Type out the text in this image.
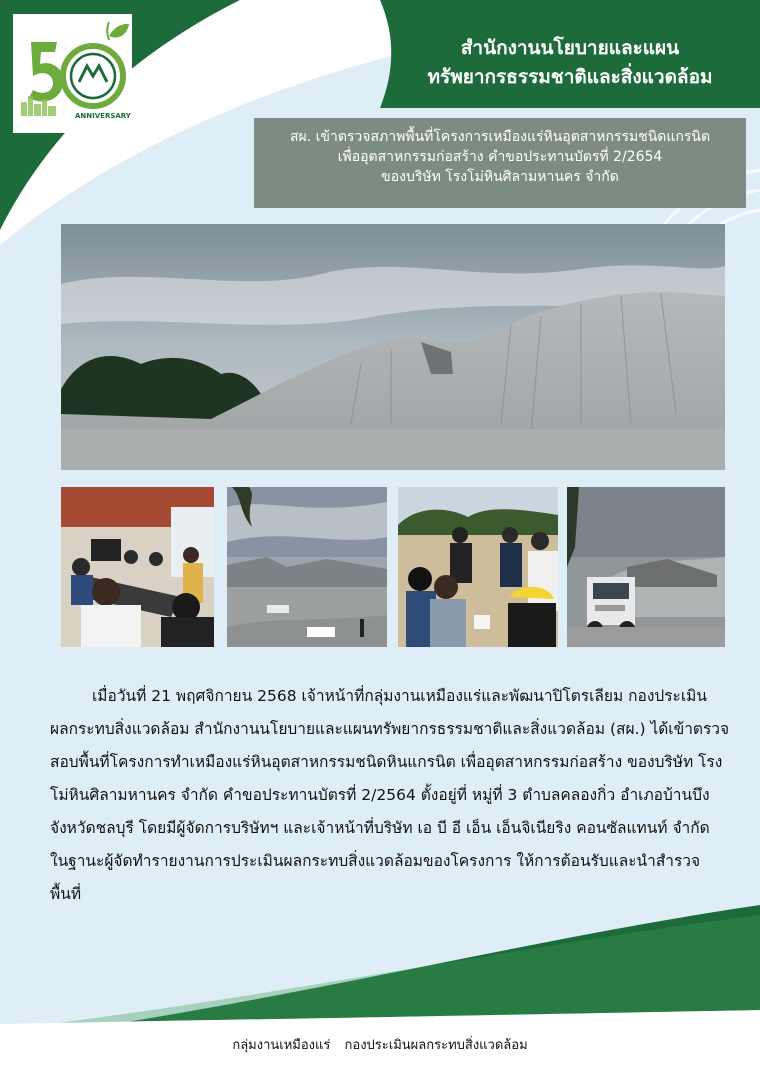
ANNIVERSARY
สำนักงานนโยบายและแผน
ทรัพยากรธรรมชาติและสิ่งแวดล้อม
สผ. เข้าตรวจสภาพพื้นที่โครงการเหมืองแร่หินอุตสาหกรรมชนิดแกรนิต
เพื่ออุตสาหกรรมก่อสร้าง คำขอประทานบัตรที่ 2/2654
ของบริษัท โรงโม่หินศิลามหานคร จำกัด

เมื่อวันที่ 21 พฤศจิกายน 2568 เจ้าหน้าที่กลุ่มงานเหมืองแร่และพัฒนาปิโตรเลียม กองประเมินผลกระทบสิ่งแวดล้อม สำนักงานนโยบายและแผนทรัพยากรธรรมชาติและสิ่งแวดล้อม (สผ.) ได้เข้าตรวจสอบพื้นที่โครงการทำเหมืองแร่หินอุตสาหกรรมชนิดหินแกรนิต เพื่ออุตสาหกรรมก่อสร้าง ของบริษัท โรงโม่หินศิลามหานคร จำกัด คำขอประทานบัตรที่ 2/2564 ตั้งอยู่ที่ หมู่ที่ 3 ตำบลคลองกิ่ว อำเภอบ้านบึง จังหวัดชลบุรี โดยมีผู้จัดการบริษัทฯ และเจ้าหน้าที่บริษัท เอ บี อี เอ็น เอ็นจิเนียริง คอนซัลแทนท์ จำกัด ในฐานะผู้จัดทำรายงานการประเมินผลกระทบสิ่งแวดล้อมของโครงการ ให้การต้อนรับและนำสำรวจพื้นที่

กลุ่มงานเหมืองแร่ กองประเมินผลกระทบสิ่งแวดล้อม
